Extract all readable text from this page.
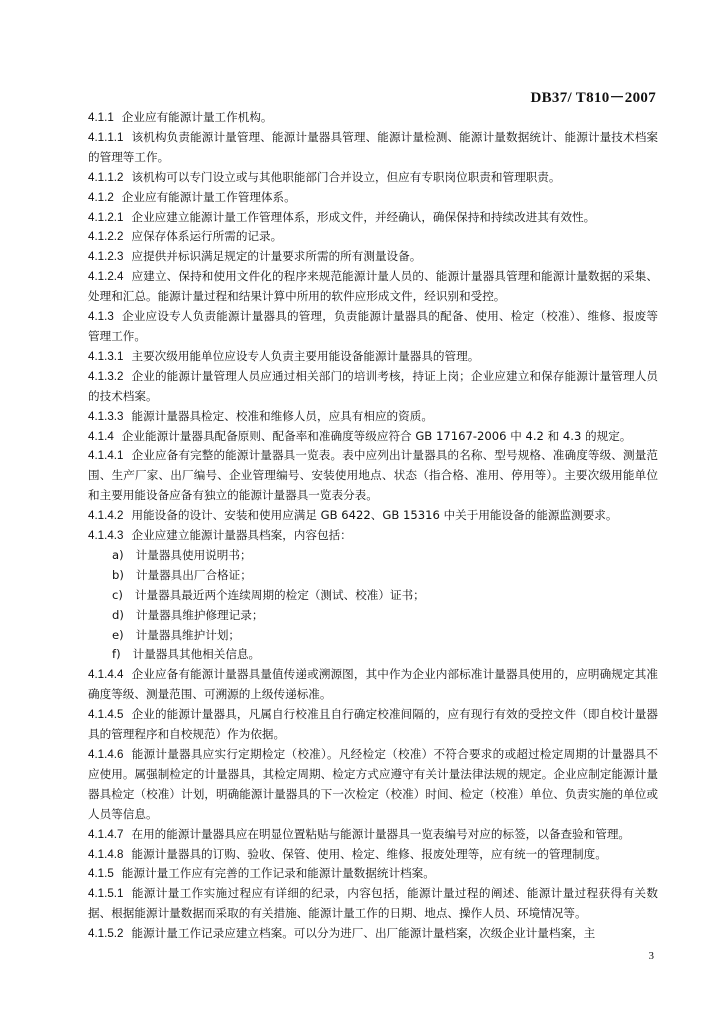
DB37/ T810－2007
4.1.1 企业应有能源计量工作机构。
4.1.1.1 该机构负责能源计量管理、能源计量器具管理、能源计量检测、能源计量数据统计、能源计量技术档案的管理等工作。
4.1.1.2 该机构可以专门设立或与其他职能部门合并设立，但应有专职岗位职责和管理职责。
4.1.2 企业应有能源计量工作管理体系。
4.1.2.1 企业应建立能源计量工作管理体系，形成文件，并经确认，确保保持和持续改进其有效性。
4.1.2.2 应保存体系运行所需的记录。
4.1.2.3 应提供并标识满足规定的计量要求所需的所有测量设备。
4.1.2.4 应建立、保持和使用文件化的程序来规范能源计量人员的、能源计量器具管理和能源计量数据的采集、处理和汇总。能源计量过程和结果计算中所用的软件应形成文件，经识别和受控。
4.1.3 企业应设专人负责能源计量器具的管理，负责能源计量器具的配备、使用、检定（校准）、维修、报废等管理工作。
4.1.3.1 主要次级用能单位应设专人负责主要用能设备能源计量器具的管理。
4.1.3.2 企业的能源计量管理人员应通过相关部门的培训考核，持证上岗；企业应建立和保存能源计量管理人员的技术档案。
4.1.3.3 能源计量器具检定、校准和维修人员，应具有相应的资质。
4.1.4 企业能源计量器具配备原则、配备率和准确度等级应符合 GB 17167-2006 中 4.2 和 4.3 的规定。
4.1.4.1 企业应备有完整的能源计量器具一览表。表中应列出计量器具的名称、型号规格、准确度等级、测量范围、生产厂家、出厂编号、企业管理编号、安装使用地点、状态（指合格、准用、停用等）。主要次级用能单位和主要用能设备应备有独立的能源计量器具一览表分表。
4.1.4.2 用能设备的设计、安装和使用应满足 GB 6422、GB 15316 中关于用能设备的能源监测要求。
4.1.4.3 企业应建立能源计量器具档案，内容包括：
a) 计量器具使用说明书；
b) 计量器具出厂合格证；
c) 计量器具最近两个连续周期的检定（测试、校准）证书；
d) 计量器具维护修理记录；
e) 计量器具维护计划；
f) 计量器具其他相关信息。
4.1.4.4 企业应备有能源计量器具量值传递或溯源图，其中作为企业内部标准计量器具使用的，应明确规定其准确度等级、测量范围、可溯源的上级传递标准。
4.1.4.5 企业的能源计量器具，凡属自行校准且自行确定校准间隔的，应有现行有效的受控文件（即自校计量器具的管理程序和自校规范）作为依据。
4.1.4.6 能源计量器具应实行定期检定（校准）。凡经检定（校准）不符合要求的或超过检定周期的计量器具不应使用。属强制检定的计量器具，其检定周期、检定方式应遵守有关计量法律法规的规定。企业应制定能源计量器具检定（校准）计划，明确能源计量器具的下一次检定（校准）时间、检定（校准）单位、负责实施的单位或人员等信息。
4.1.4.7 在用的能源计量器具应在明显位置粘贴与能源计量器具一览表编号对应的标签，以备查验和管理。
4.1.4.8 能源计量器具的订购、验收、保管、使用、检定、维修、报废处理等，应有统一的管理制度。
4.1.5 能源计量工作应有完善的工作记录和能源计量数据统计档案。
4.1.5.1 能源计量工作实施过程应有详细的纪录，内容包括，能源计量过程的阐述、能源计量过程获得有关数据、根据能源计量数据而采取的有关措施、能源计量工作的日期、地点、操作人员、环境情况等。
4.1.5.2 能源计量工作记录应建立档案。可以分为进厂、出厂能源计量档案，次级企业计量档案，主
3
